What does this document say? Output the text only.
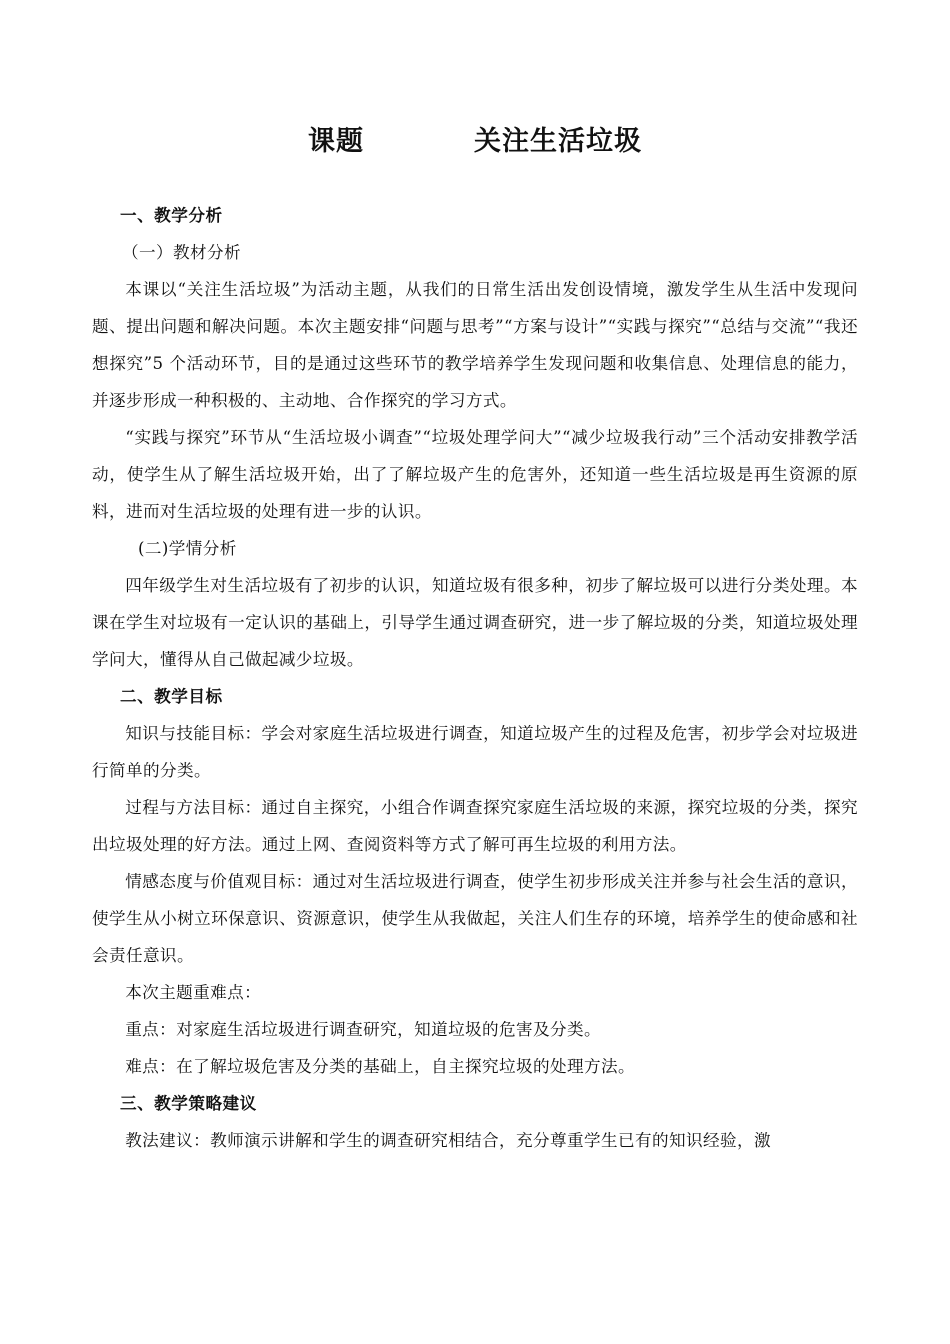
课题	关注生活垃圾

一、教学分析

（一）教材分析

本课以“关注生活垃圾”为活动主题，从我们的日常生活出发创设情境，激发学生从生活中发现问题、提出问题和解决问题。本次主题安排“问题与思考”“方案与设计”“实践与探究”“总结与交流”“我还想探究”5 个活动环节，目的是通过这些环节的教学培养学生发现问题和收集信息、处理信息的能力，并逐步形成一种积极的、主动地、合作探究的学习方式。

“实践与探究”环节从“生活垃圾小调查”“垃圾处理学问大”“减少垃圾我行动”三个活动安排教学活动，使学生从了解生活垃圾开始，出了了解垃圾产生的危害外，还知道一些生活垃圾是再生资源的原料，进而对生活垃圾的处理有进一步的认识。

(二)学情分析

四年级学生对生活垃圾有了初步的认识，知道垃圾有很多种，初步了解垃圾可以进行分类处理。本课在学生对垃圾有一定认识的基础上，引导学生通过调查研究，进一步了解垃圾的分类，知道垃圾处理学问大，懂得从自己做起减少垃圾。

二、教学目标

知识与技能目标：学会对家庭生活垃圾进行调查，知道垃圾产生的过程及危害，初步学会对垃圾进行简单的分类。

过程与方法目标：通过自主探究，小组合作调查探究家庭生活垃圾的来源，探究垃圾的分类，探究出垃圾处理的好方法。通过上网、查阅资料等方式了解可再生垃圾的利用方法。

情感态度与价值观目标：通过对生活垃圾进行调查，使学生初步形成关注并参与社会生活的意识，使学生从小树立环保意识、资源意识，使学生从我做起，关注人们生存的环境，培养学生的使命感和社会责任意识。

本次主题重难点：

重点：对家庭生活垃圾进行调查研究，知道垃圾的危害及分类。

难点：在了解垃圾危害及分类的基础上，自主探究垃圾的处理方法。

三、教学策略建议

教法建议：教师演示讲解和学生的调查研究相结合，充分尊重学生已有的知识经验，激
